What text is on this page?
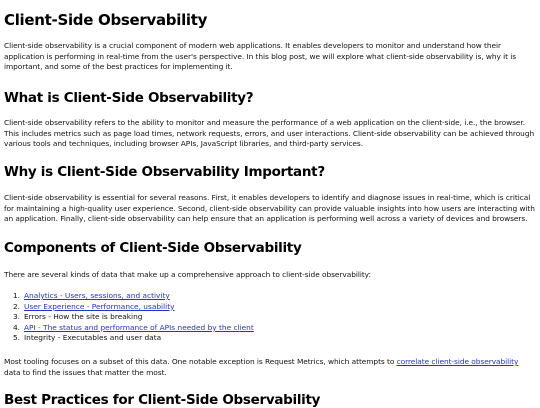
Client-Side Observability

Client-side observability is a crucial component of modern web applications. It enables developers to monitor and understand how their application is performing in real-time from the user's perspective. In this blog post, we will explore what client-side observability is, why it is important, and some of the best practices for implementing it.

What is Client-Side Observability?

Client-side observability refers to the ability to monitor and measure the performance of a web application on the client-side, i.e., the browser. This includes metrics such as page load times, network requests, errors, and user interactions. Client-side observability can be achieved through various tools and techniques, including browser APIs, JavaScript libraries, and third-party services.

Why is Client-Side Observability Important?

Client-side observability is essential for several reasons. First, it enables developers to identify and diagnose issues in real-time, which is critical for maintaining a high-quality user experience. Second, client-side observability can provide valuable insights into how users are interacting with an application. Finally, client-side observability can help ensure that an application is performing well across a variety of devices and browsers.

Components of Client-Side Observability

There are several kinds of data that make up a comprehensive approach to client-side observability:

1. Analytics - Users, sessions, and activity
2. User Experience - Performance, usability
3. Errors - How the site is breaking
4. API - The status and performance of APIs needed by the client
5. Integrity - Executables and user data

Most tooling focuses on a subset of this data. One notable exception is Request Metrics, which attempts to correlate client-side observability data to find the issues that matter the most.

Best Practices for Client-Side Observability
